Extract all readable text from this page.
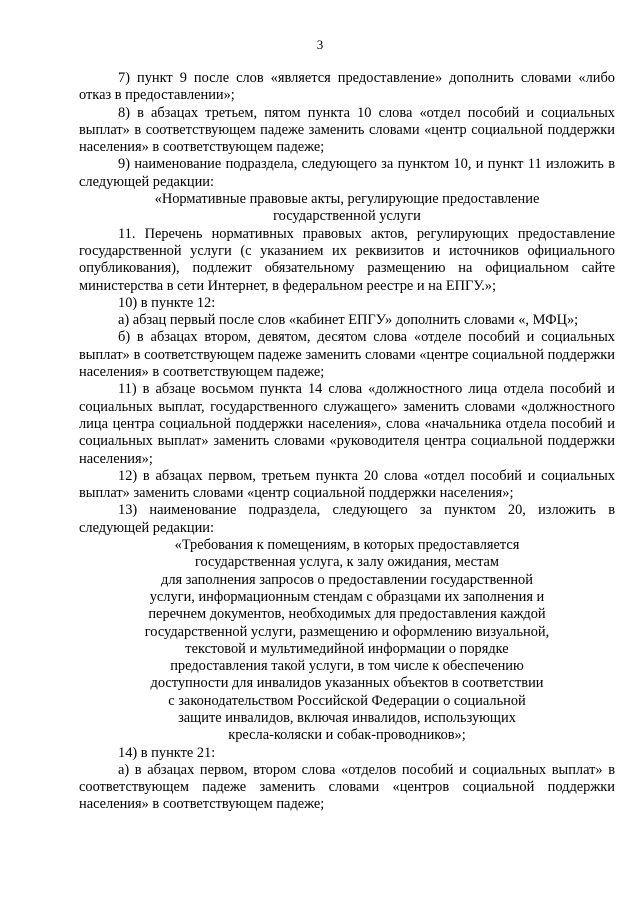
3

7) пункт 9 после слов «является предоставление» дополнить словами «либо отказ в предоставлении»;

8) в абзацах третьем, пятом пункта 10 слова «отдел пособий и социальных выплат» в соответствующем падеже заменить словами «центр социальной поддержки населения» в соответствующем падеже;

9) наименование подраздела, следующего за пунктом 10, и пункт 11 изложить в следующей редакции:

«Нормативные правовые акты, регулирующие предоставление

государственной услуги

11. Перечень нормативных правовых актов, регулирующих предоставление государственной услуги (с указанием их реквизитов и источников официального опубликования), подлежит обязательному размещению на официальном сайте министерства в сети Интернет, в федеральном реестре и на ЕПГУ.»;

10) в пункте 12:

а) абзац первый после слов «кабинет ЕПГУ» дополнить словами «, МФЦ»;

б) в абзацах втором, девятом, десятом слова «отделе пособий и социальных выплат» в соответствующем падеже заменить словами «центре социальной поддержки населения» в соответствующем падеже;

11) в абзаце восьмом пункта 14 слова «должностного лица отдела пособий и социальных выплат, государственного служащего» заменить словами «должностного лица центра социальной поддержки населения», слова «начальника отдела пособий и социальных выплат» заменить словами «руководителя центра социальной поддержки населения»;

12) в абзацах первом, третьем пункта 20 слова «отдел пособий и социальных выплат» заменить словами «центр социальной поддержки населения»;

13) наименование подраздела, следующего за пунктом 20, изложить в следующей редакции:

«Требования к помещениям, в которых предоставляется

государственная услуга, к залу ожидания, местам

для заполнения запросов о предоставлении государственной

услуги, информационным стендам с образцами их заполнения и

перечнем документов, необходимых для предоставления каждой

государственной услуги, размещению и оформлению визуальной,

текстовой и мультимедийной информации о порядке

предоставления такой услуги, в том числе к обеспечению

доступности для инвалидов указанных объектов в соответствии

с законодательством Российской Федерации о социальной

защите инвалидов, включая инвалидов, использующих

кресла-коляски и собак-проводников»;

14) в пункте 21:

а) в абзацах первом, втором слова «отделов пособий и социальных выплат» в соответствующем падеже заменить словами «центров социальной поддержки населения» в соответствующем падеже;
